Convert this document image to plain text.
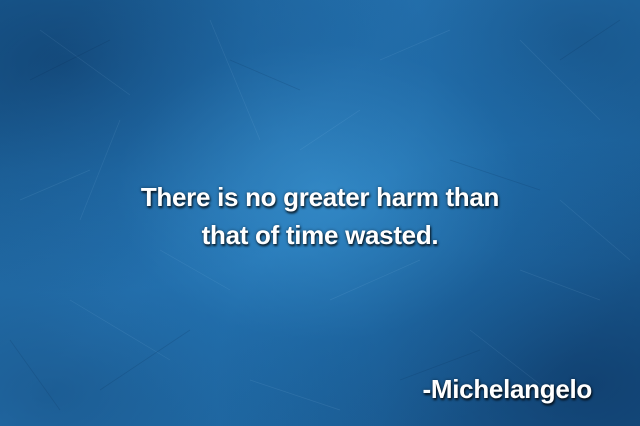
There is no greater harm than
that of time wasted.

-Michelangelo
